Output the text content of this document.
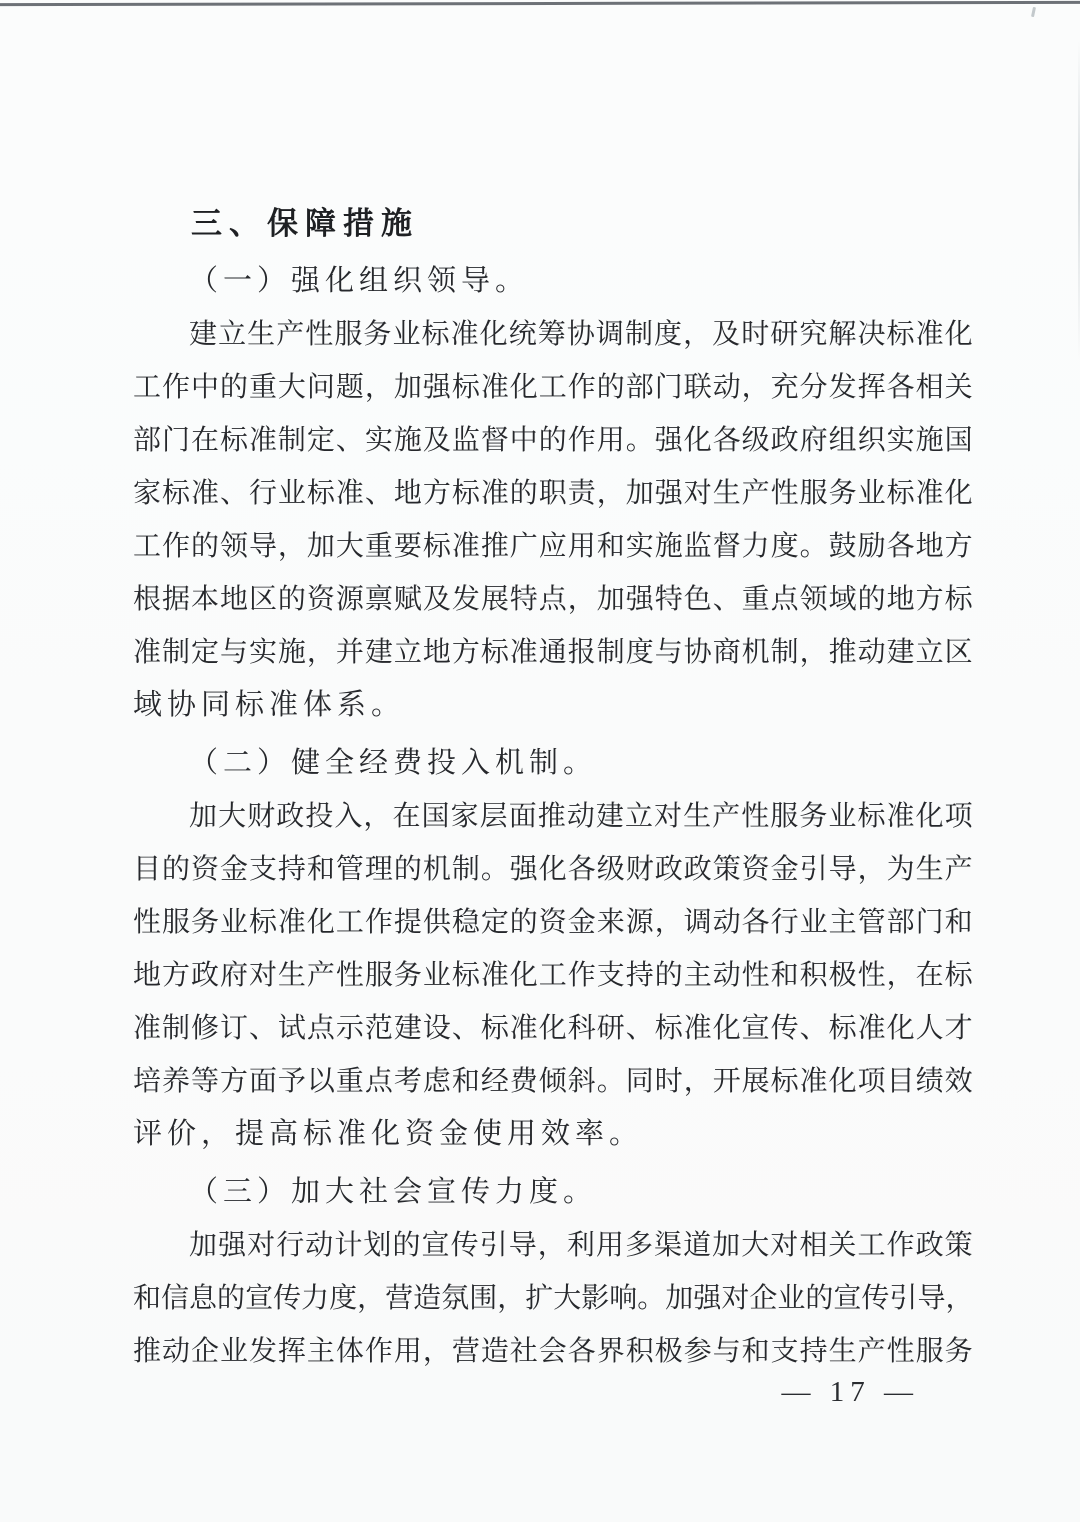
三、保障措施
（一）强化组织领导。
建 立 生 产 性 服 务 业 标 准 化 统 筹 协 调 制 度 ， 及 时 研 究 解 决 标 准 化
工 作 中 的 重 大 问 题 ， 加 强 标 准 化 工 作 的 部 门 联 动 ， 充 分 发 挥 各 相 关
部 门 在 标 准 制 定 、 实 施 及 监 督 中 的 作 用 。 强 化 各 级 政 府 组 织 实 施 国
家 标 准 、 行 业 标 准 、 地 方 标 准 的 职 责 ， 加 强 对 生 产 性 服 务 业 标 准 化
工 作 的 领 导 ， 加 大 重 要 标 准 推 广 应 用 和 实 施 监 督 力 度 。 鼓 励 各 地 方
根 据 本 地 区 的 资 源 禀 赋 及 发 展 特 点 ， 加 强 特 色 、 重 点 领 域 的 地 方 标
准 制 定 与 实 施 ， 并 建 立 地 方 标 准 通 报 制 度 与 协 商 机 制 ， 推 动 建 立 区
域协同标准体系。
（二）健全经费投入机制。
加 大 财 政 投 入 ， 在 国 家 层 面 推 动 建 立 对 生 产 性 服 务 业 标 准 化 项
目 的 资 金 支 持 和 管 理 的 机 制 。 强 化 各 级 财 政 政 策 资 金 引 导 ， 为 生 产
性 服 务 业 标 准 化 工 作 提 供 稳 定 的 资 金 来 源 ， 调 动 各 行 业 主 管 部 门 和
地 方 政 府 对 生 产 性 服 务 业 标 准 化 工 作 支 持 的 主 动 性 和 积 极 性 ， 在 标
准 制 修 订 、 试 点 示 范 建 设 、 标 准 化 科 研 、 标 准 化 宣 传 、 标 准 化 人 才
培 养 等 方 面 予 以 重 点 考 虑 和 经 费 倾 斜 。 同 时 ， 开 展 标 准 化 项 目 绩 效
评价，提高标准化资金使用效率。
（三）加大社会宣传力度。
加 强 对 行 动 计 划 的 宣 传 引 导 ， 利 用 多 渠 道 加 大 对 相 关 工 作 政 策
和 信 息 的 宣 传 力 度 ， 营 造 氛 围 ， 扩 大 影 响 。 加 强 对 企 业 的 宣 传 引 导 ，
推 动 企 业 发 挥 主 体 作 用 ， 营 造 社 会 各 界 积 极 参 与 和 支 持 生 产 性 服 务
— 17 —
